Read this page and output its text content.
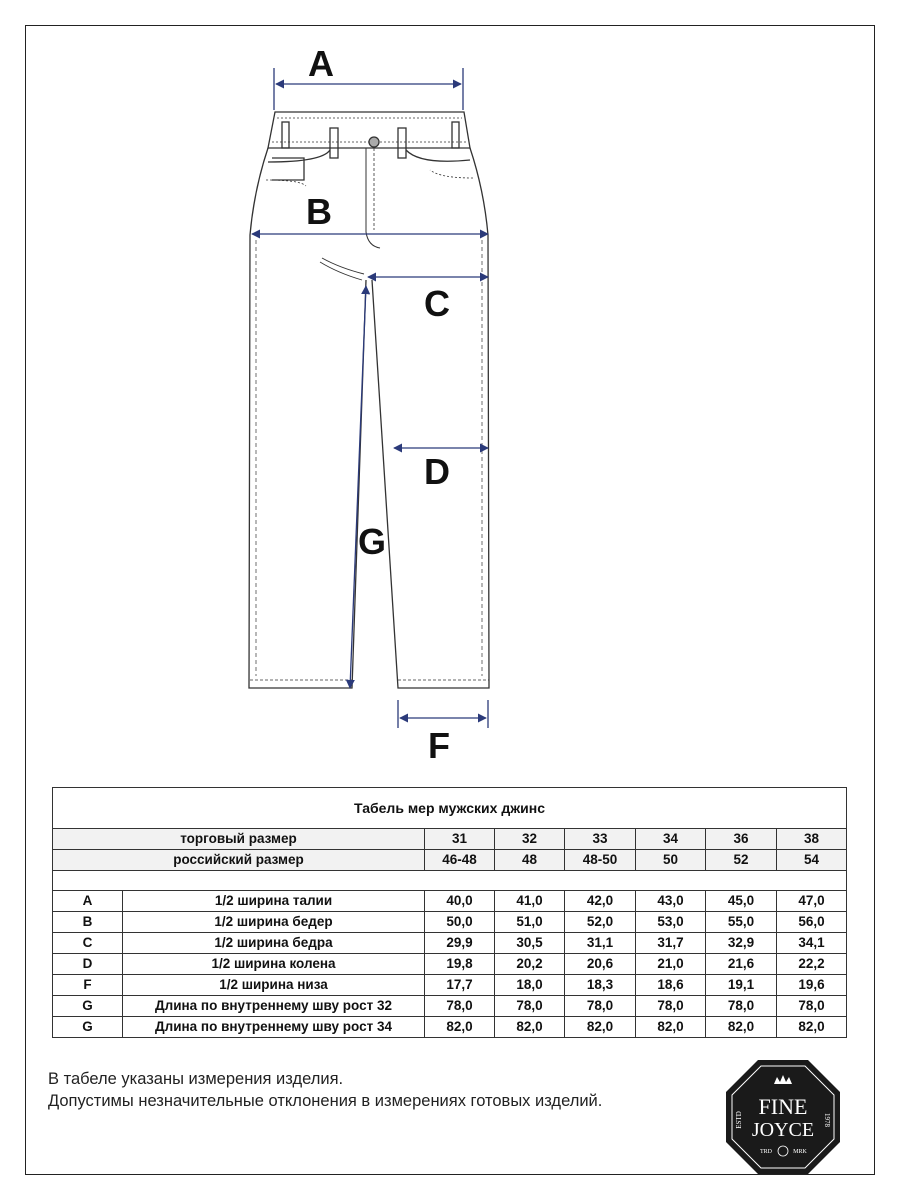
A
B
C
D
G
F
Табель мер мужских джинс							
торговый размер		31	32	33	34	36	38
российский размер		46-48	48	48-50	50	52	54

A	1/2 ширина талии	40,0	41,0	42,0	43,0	45,0	47,0
B	1/2 ширина бедер	50,0	51,0	52,0	53,0	55,0	56,0
C	1/2 ширина бедра	29,9	30,5	31,1	31,7	32,9	34,1
D	1/2 ширина колена	19,8	20,2	20,6	21,0	21,6	22,2
F	1/2 ширина низа	17,7	18,0	18,3	18,6	19,1	19,6
G	Длина по внутреннему шву рост 32	78,0	78,0	78,0	78,0	78,0	78,0
G	Длина по внутреннему шву рост 34	82,0	82,0	82,0	82,0	82,0	82,0
В табеле указаны измерения изделия.
Допустимы незначительные отклонения в измерениях готовых изделий.	FINE
JOYCE
ESTD	1978
TRD	MRK
